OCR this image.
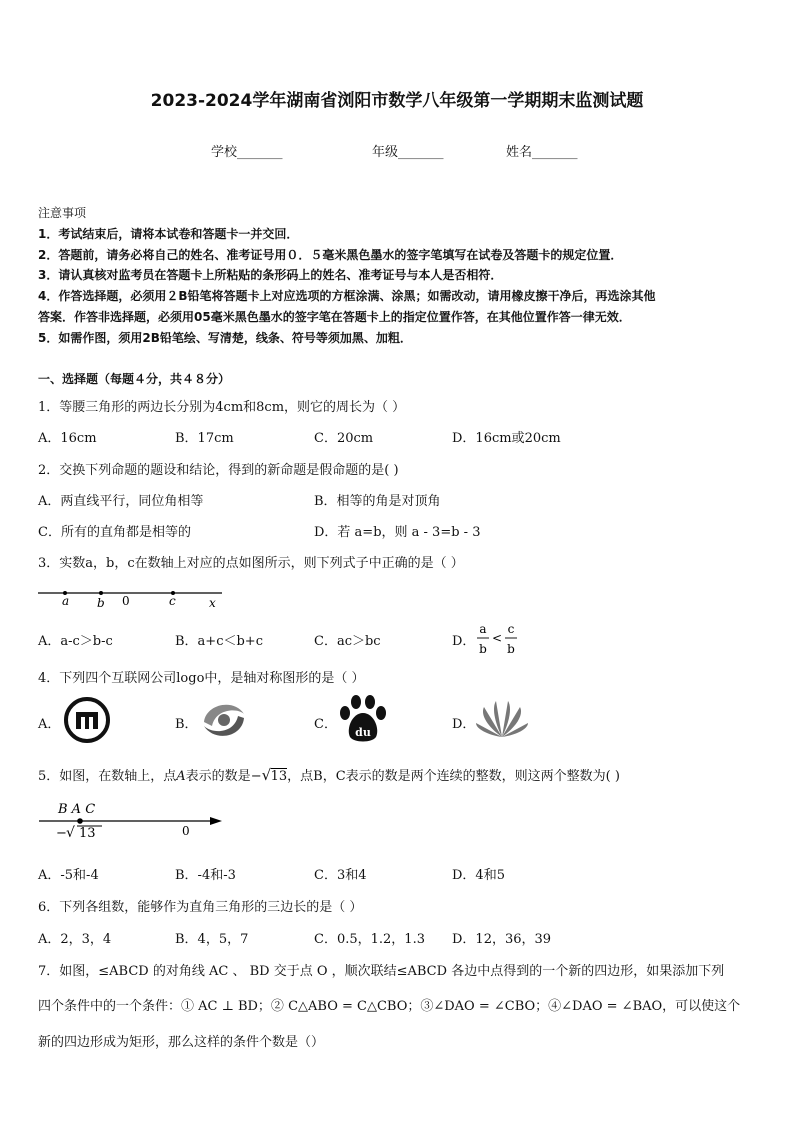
2023-2024学年湖南省浏阳市数学八年级第一学期期末监测试题
学校_______	年级_______	姓名_______
注意事项
1．考试结束后，请将本试卷和答题卡一并交回．
2．答题前，请务必将自己的姓名、准考证号用０．５毫米黑色墨水的签字笔填写在试卷及答题卡的规定位置．
3．请认真核对监考员在答题卡上所粘贴的条形码上的姓名、准考证号与本人是否相符．
4．作答选择题，必须用２B铅笔将答题卡上对应选项的方框涂满、涂黑；如需改动，请用橡皮擦干净后，再选涂其他
答案．作答非选择题，必须用05毫米黑色墨水的签字笔在答题卡上的指定位置作答，在其他位置作答一律无效．
5．如需作图，须用2B铅笔绘、写清楚，线条、符号等须加黑、加粗．
一、选择题（每题４分，共４８分）
1．等腰三角形的两边长分别为4cm和8cm，则它的周长为（ ）
A．16cm	B．17cm	C．20cm	D．16cm或20cm
2．交换下列命题的题设和结论，得到的新命题是假命题的是( )
A．两直线平行，同位角相等	B．相等的角是对顶角
C．所有的直角都是相等的	D．若 a=b，则 a - 3=b - 3
3．实数a，b，c在数轴上对应的点如图所示，则下列式子中正确的是（ ）
a b 0	c	x
A．a-c＞b-c	B．a+c＜b+c	C．ac＞bc	D．
a
b
<
c
b
4．下列四个互联网公司logo中，是轴对称图形的是（ ）
A．	B．	C．
du
D．
5．如图，在数轴上，点A表示的数是− √ 13，点B，C表示的数是两个连续的整数，则这两个整数为( )
B A C
− √ 13	0
A．-5和-4	B．-4和-3	C．3和4	D．4和5
6．下列各组数，能够作为直角三角形的三边长的是（ ）
A．2，3，4	B．4，5，7	C．0.5，1.2，1.3 D．12，36，39
7．如图，≤ABCD 的对角线 AC 、 BD 交于点 O ，顺次联结≤ABCD 各边中点得到的一个新的四边形，如果添加下列
四个条件中的一个条件：① AC ⊥ BD；② C△ABO = C△CBO；③∠DAO = ∠CBO；④∠DAO = ∠BAO，可以使这个
新的四边形成为矩形，那么这样的条件个数是（）
